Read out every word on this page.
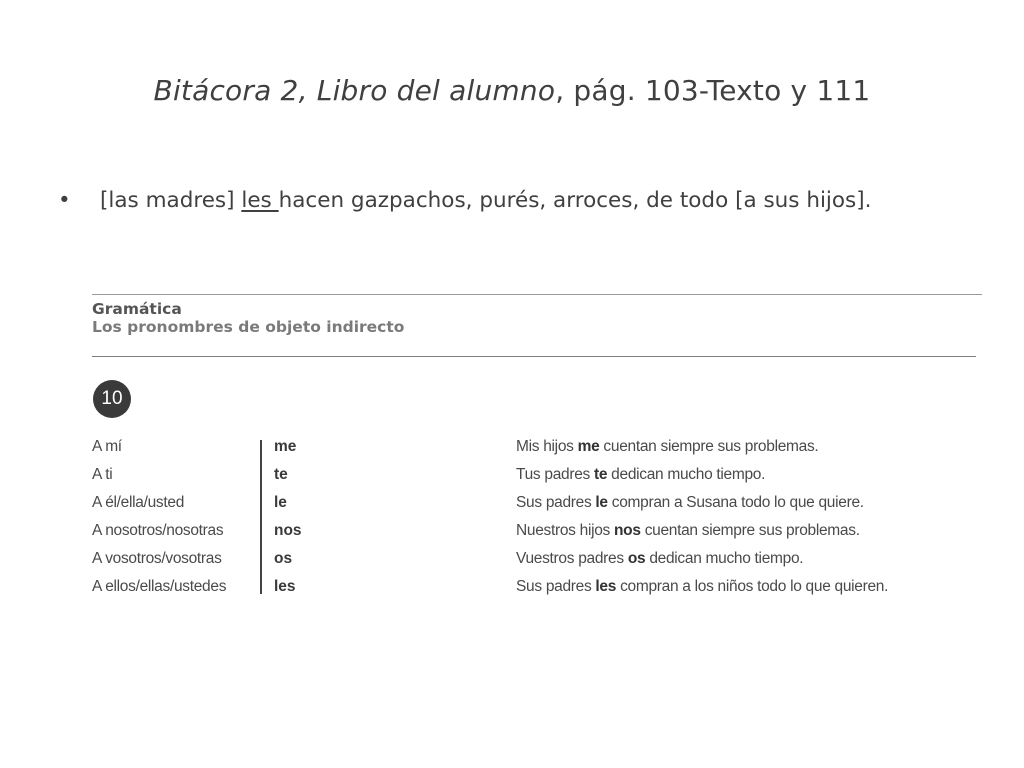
Bitácora 2, Libro del alumno, pág. 103-Texto y 111
• [las madres] les hacen gazpachos, purés, arroces, de todo [a sus hijos].
Gramática
Los pronombres de objeto indirecto
10
A mí	me	Mis hijos me cuentan siempre sus problemas.
A ti	te	Tus padres te dedican mucho tiempo.
A él/ella/usted	le	Sus padres le compran a Susana todo lo que quiere.
A nosotros/nosotras	nos	Nuestros hijos nos cuentan siempre sus problemas.
A vosotros/vosotras	os	Vuestros padres os dedican mucho tiempo.
A ellos/ellas/ustedes	les	Sus padres les compran a los niños todo lo que quieren.
